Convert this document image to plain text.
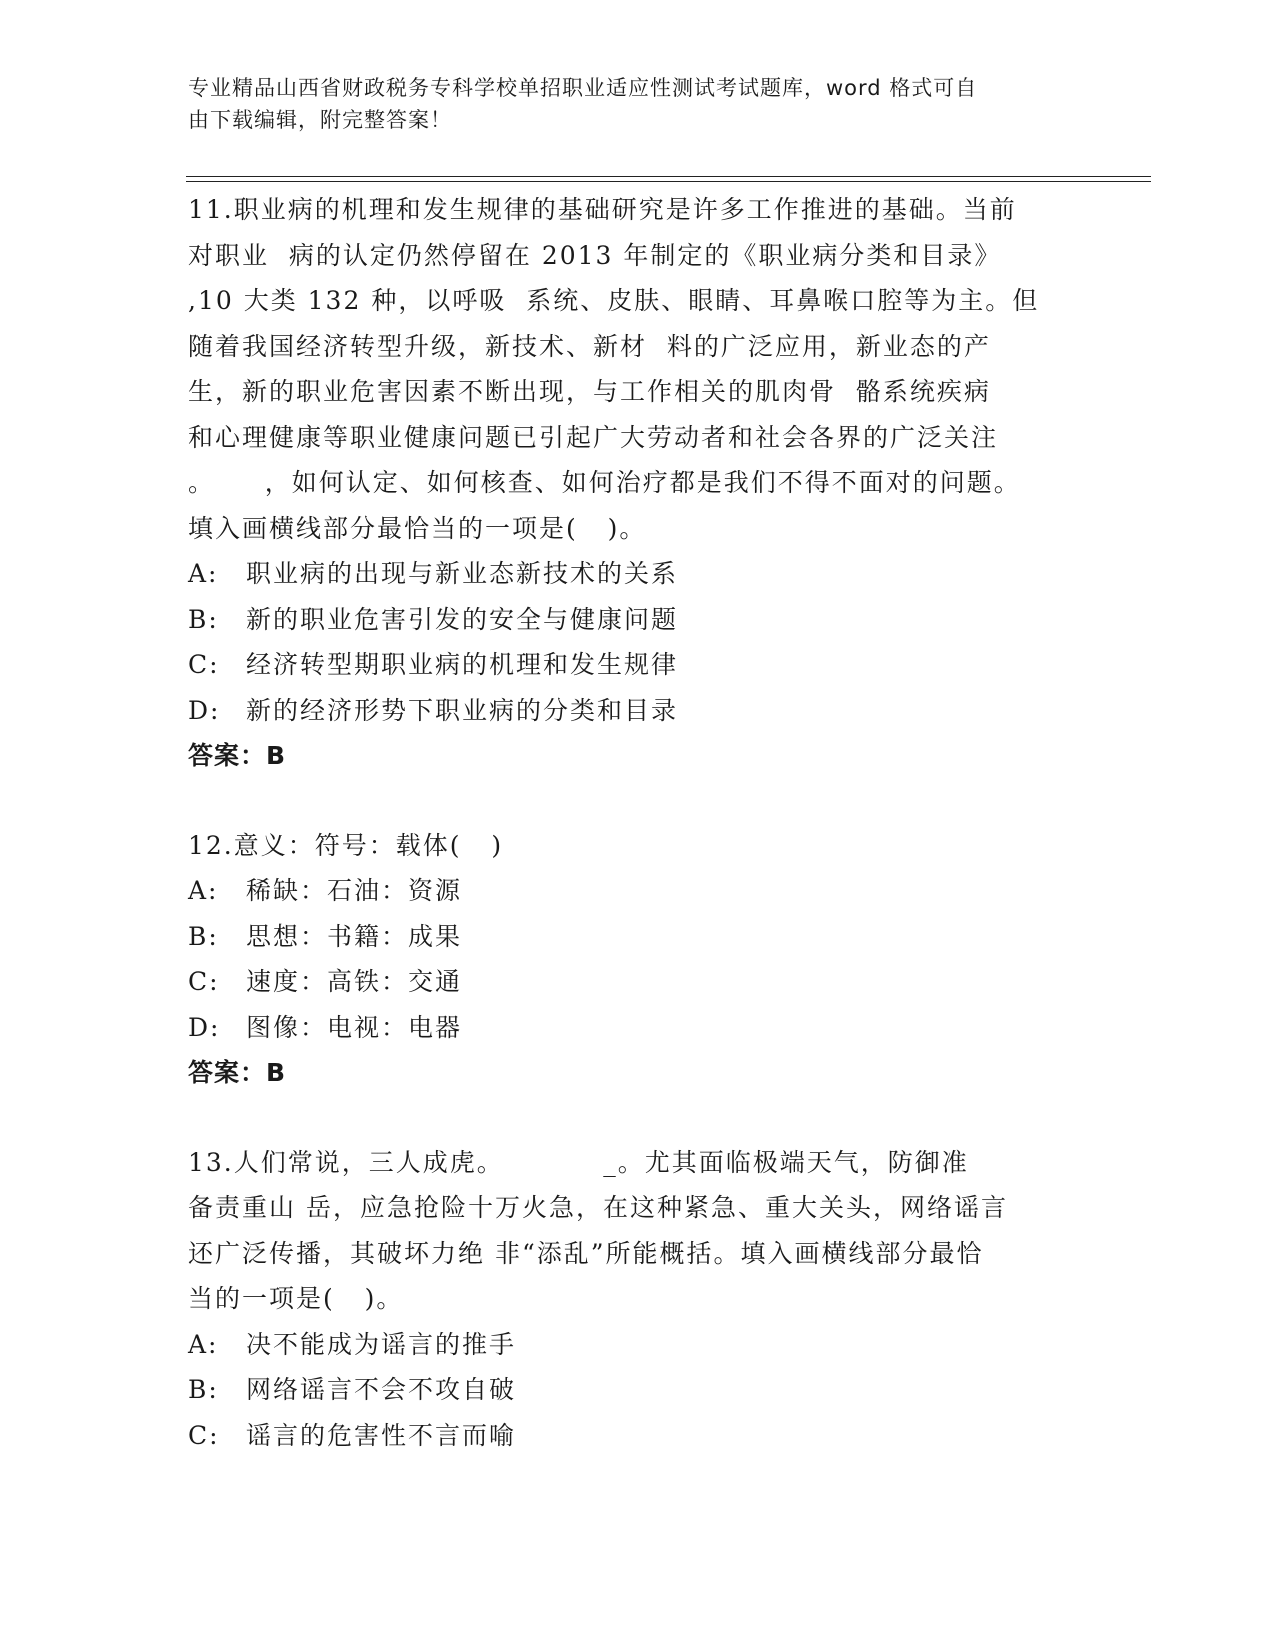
专业精品山西省财政税务专科学校单招职业适应性测试考试题库，word 格式可自
由下载编辑，附完整答案！
11.职业病的机理和发生规律的基础研究是许多工作推进的基础。当前
对职业  病的认定仍然停留在 2013 年制定的《职业病分类和目录》
,10 大类 132 种，以呼吸  系统、皮肤、眼睛、耳鼻喉口腔等为主。但
随着我国经济转型升级，新技术、新材  料的广泛应用，新业态的产
生，新的职业危害因素不断出现，与工作相关的肌肉骨  骼系统疾病
和心理健康等职业健康问题已引起广大劳动者和社会各界的广泛关注
。     ，如何认定、如何核查、如何治疗都是我们不得不面对的问题。
填入画横线部分最恰当的一项是(   )。
A:	职业病的出现与新业态新技术的关系
B:	新的职业危害引发的安全与健康问题
C:	经济转型期职业病的机理和发生规律
D:	新的经济形势下职业病的分类和目录
答案：B
12.意义：符号：载体(   )
A:	稀缺：石油：资源
B:	思想：书籍：成果
C:	速度：高铁：交通
D:	图像：电视：电器
答案：B
13.人们常说，三人成虎。          _。尤其面临极端天气，防御准
备责重山 岳，应急抢险十万火急，在这种紧急、重大关头，网络谣言
还广泛传播，其破坏力绝 非“添乱”所能概括。填入画横线部分最恰
当的一项是(   )。
A:	决不能成为谣言的推手
B:	网络谣言不会不攻自破
C:	谣言的危害性不言而喻
